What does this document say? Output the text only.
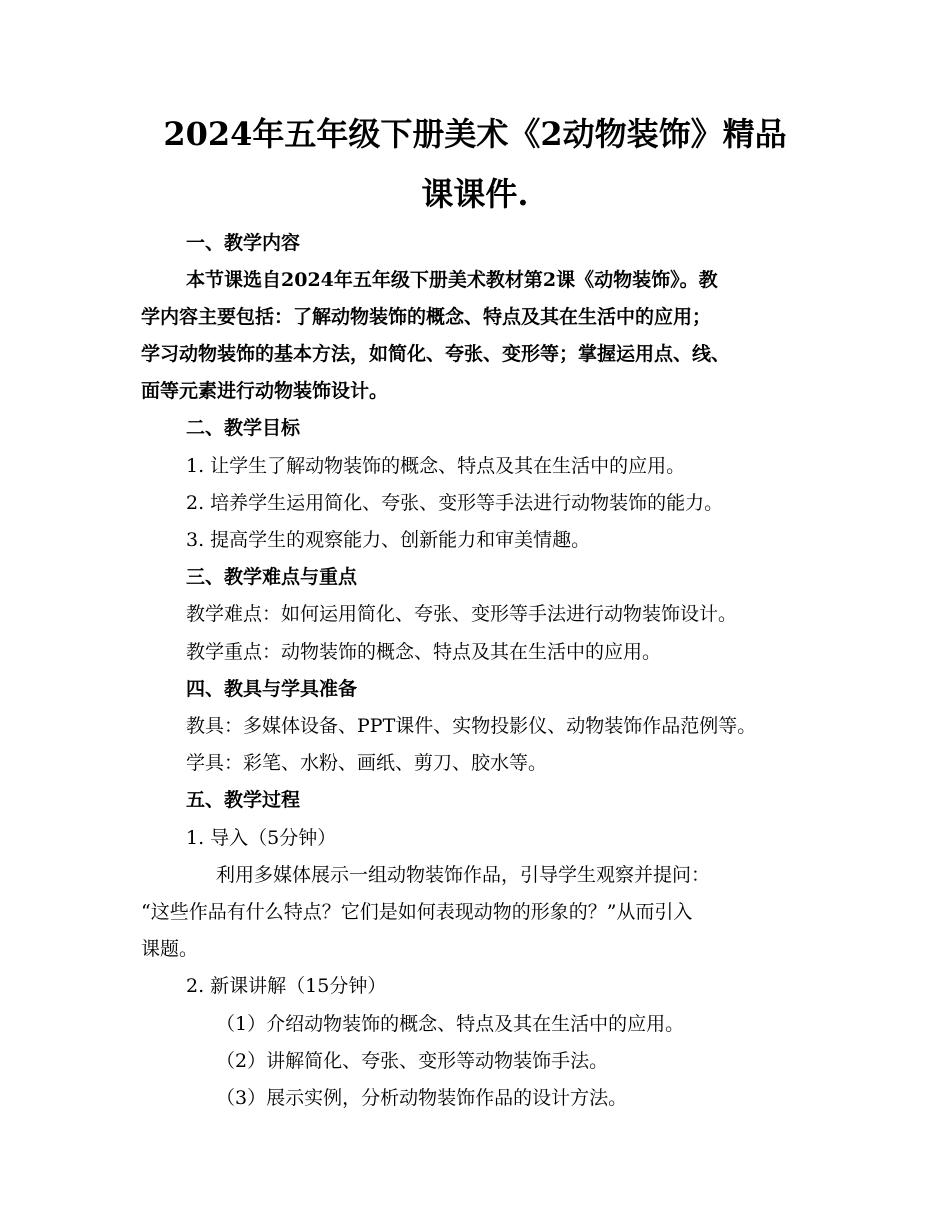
2024年五年级下册美术《2动物装饰》精品
课课件.
一、教学内容
本节课选自2024年五年级下册美术教材第2课《动物装饰》。教
学内容主要包括：了解动物装饰的概念、特点及其在生活中的应用；
学习动物装饰的基本方法，如简化、夸张、变形等；掌握运用点、线、
面等元素进行动物装饰设计。
二、教学目标
1. 让学生了解动物装饰的概念、特点及其在生活中的应用。
2. 培养学生运用简化、夸张、变形等手法进行动物装饰的能力。
3. 提高学生的观察能力、创新能力和审美情趣。
三、教学难点与重点
教学难点：如何运用简化、夸张、变形等手法进行动物装饰设计。
教学重点：动物装饰的概念、特点及其在生活中的应用。
四、教具与学具准备
教具：多媒体设备、PPT课件、实物投影仪、动物装饰作品范例等。
学具：彩笔、水粉、画纸、剪刀、胶水等。
五、教学过程
1. 导入（5分钟）
利用多媒体展示一组动物装饰作品，引导学生观察并提问：
“这些作品有什么特点？它们是如何表现动物的形象的？”从而引入
课题。
2. 新课讲解（15分钟）
（1）介绍动物装饰的概念、特点及其在生活中的应用。
（2）讲解简化、夸张、变形等动物装饰手法。
（3）展示实例，分析动物装饰作品的设计方法。
